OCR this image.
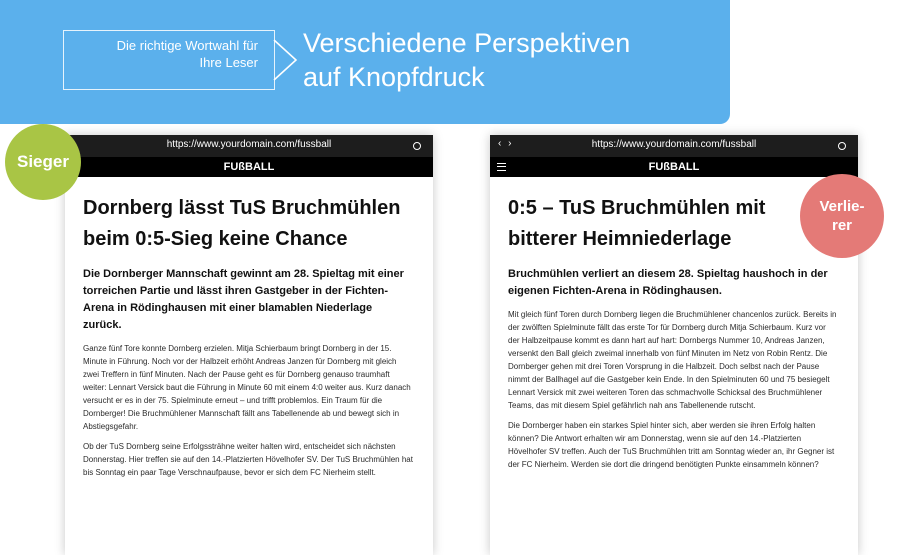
Die richtige Wortwahl für
Ihre Leser
Verschiedene Perspektiven
auf Knopfdruck
https://www.yourdomain.com/fussball
FUßBALL
Dornberg lässt TuS Bruchmühlen beim 0:5-Sieg keine Chance

Die Dornberger Mannschaft gewinnt am 28. Spieltag mit einer torreichen Partie und lässt ihren Gastgeber in der Fichten-Arena in Rödinghausen mit einer blamablen Niederlage zurück.

Ganze fünf Tore konnte Dornberg erzielen. Mitja Schierbaum bringt Dornberg in der 15. Minute in Führung. Noch vor der Halbzeit erhöht Andreas Janzen für Dornberg mit gleich zwei Treffern in fünf Minuten. Nach der Pause geht es für Dornberg genauso traumhaft weiter: Lennart Versick baut die Führung in Minute 60 mit einem 4:0 weiter aus. Kurz danach versucht er es in der 75. Spielminute erneut – und trifft problemlos. Ein Traum für die Dornberger! Die Bruchmühlener Mannschaft fällt ans Tabellenende ab und bewegt sich in Abstiegsgefahr.

Ob der TuS Dornberg seine Erfolgssträhne weiter halten wird, entscheidet sich nächsten Donnerstag. Hier treffen sie auf den 14.-Platzierten Hövelhofer SV. Der TuS Bruchmühlen hat bis Sonntag ein paar Tage Verschnaufpause, bevor er sich dem FC Nierheim stellt.

‹ ›	https://www.yourdomain.com/fussball
FUßBALL
0:5 – TuS Bruchmühlen mit bitterer Heimniederlage

Bruchmühlen verliert an diesem 28. Spieltag haushoch in der eigenen Fichten-Arena in Rödinghausen.

Mit gleich fünf Toren durch Dornberg liegen die Bruchmühlener chancenlos zurück. Bereits in der zwölften Spielminute fällt das erste Tor für Dornberg durch Mitja Schierbaum. Kurz vor der Halbzeitpause kommt es dann hart auf hart: Dornbergs Nummer 10, Andreas Janzen, versenkt den Ball gleich zweimal innerhalb von fünf Minuten im Netz von Robin Rentz. Die Dornberger gehen mit drei Toren Vorsprung in die Halbzeit. Doch selbst nach der Pause nimmt der Ballhagel auf die Gastgeber kein Ende. In den Spielminuten 60 und 75 besiegelt Lennart Versick mit zwei weiteren Toren das schmachvolle Schicksal des Bruchmühlener Teams, das mit diesem Spiel gefährlich nah ans Tabellenende rutscht.

Die Dornberger haben ein starkes Spiel hinter sich, aber werden sie ihren Erfolg halten können? Die Antwort erhalten wir am Donnerstag, wenn sie auf den 14.-Platzierten Hövelhofer SV treffen. Auch der TuS Bruchmühlen tritt am Sonntag wieder an, ihr Gegner ist der FC Nierheim. Werden sie dort die dringend benötigten Punkte einsammeln können?

Sieger
Verlie-
rer
